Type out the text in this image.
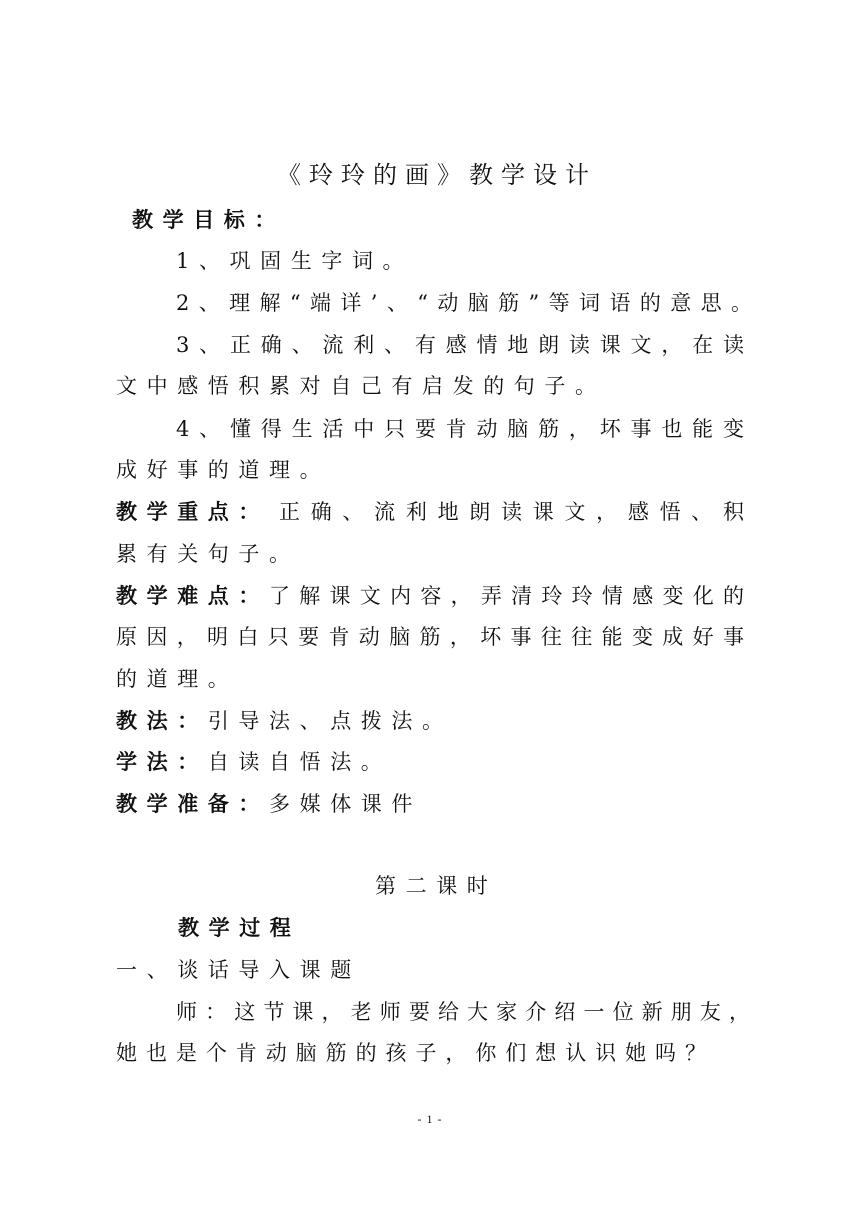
《玲玲的画》教学设计
教学目标：
1、巩固生字词。
2、理解“端详’、“动脑筋”等词语的意思。
3、正确、流利、有感情地朗读课文，在读
文中感悟积累对自己有启发的句子。
4、懂得生活中只要肯动脑筋，坏事也能变
成好事的道理。
教学重点： 正确、流利地朗读课文，感悟、积
累有关句子。
教学难点： 了解课文内容，弄清玲玲情感变化的
原因，明白只要肯动脑筋，坏事往往能变成好事
的道理。
教法：引导法、点拨法。
学法：自读自悟法。
教学准备：多媒体课件
第二课时
教学过程
一、谈话导入课题
师：这节课，老师要给大家介绍一位新朋友，
她也是个肯动脑筋的孩子，你们想认识她吗？
- 1 -
